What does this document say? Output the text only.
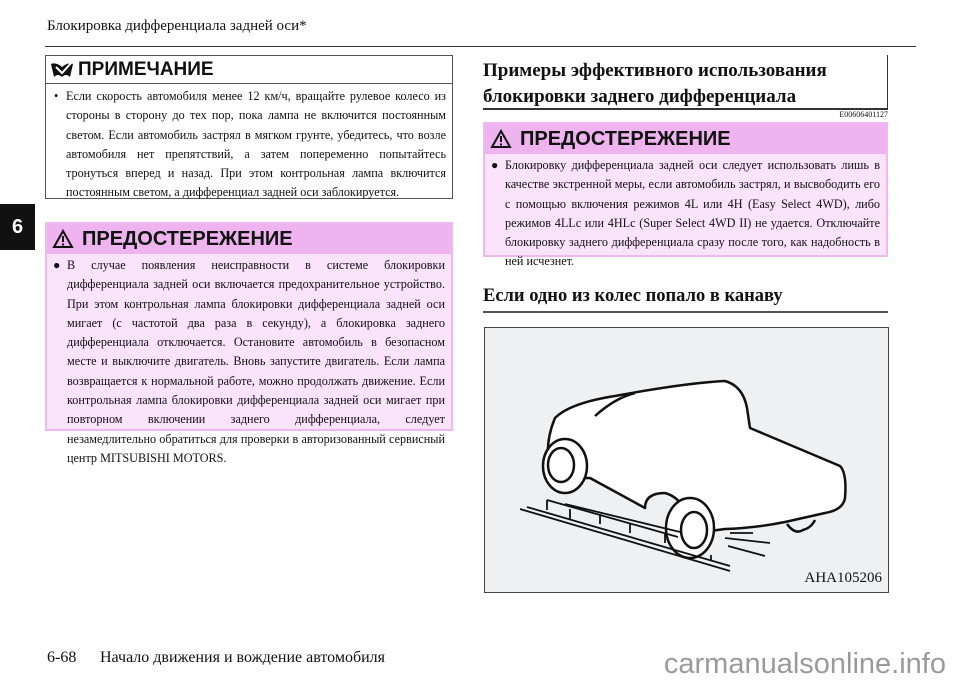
Блокировка дифференциала задней оси*
6
ПРИМЕЧАНИЕ
• Если скорость автомобиля менее 12 км/ч, вращайте рулевое колесо из стороны в сторону до тех пор, пока лампа не включится постоянным светом. Если автомобиль застрял в мягком грунте, убедитесь, что возле автомобиля нет препятствий, а затем попеременно попытайтесь тронуться вперед и назад. При этом контрольная лампа включится постоянным светом, а дифференциал задней оси заблокируется.

ПРЕДОСТЕРЕЖЕНИЕ
● В случае появления неисправности в системе блокировки дифференциала задней оси включается предохранительное устройство. При этом контрольная лампа блокировки дифференциала задней оси мигает (с частотой два раза в секунду), а блокировка заднего дифференциала отключается. Остановите автомобиль в безопасном месте и выключите двигатель. Вновь запустите двигатель. Если лампа возвращается к нормальной работе, можно продолжать движение. Если контрольная лампа блокировки дифференциала задней оси мигает при повторном включении заднего дифференциала, следует незамедлительно обратиться для проверки в авторизованный сервисный центр MITSUBISHI MOTORS.

Примеры эффективного использования блокировки заднего дифференциала
E00606401127
ПРЕДОСТЕРЕЖЕНИЕ
● Блокировку дифференциала задней оси следует использовать лишь в качестве экстренной меры, если автомобиль застрял, и высвободить его с помощью включения режимов 4L или 4H (Easy Select 4WD), либо режимов 4LLc или 4HLc (Super Select 4WD II) не удается. Отключайте блокировку заднего дифференциала сразу после того, как надобность в ней исчезнет.

Если одно из колес попало в канаву
AHA105206
6-68 Начало движения и вождение автомобиля	carmanualsonline.info
